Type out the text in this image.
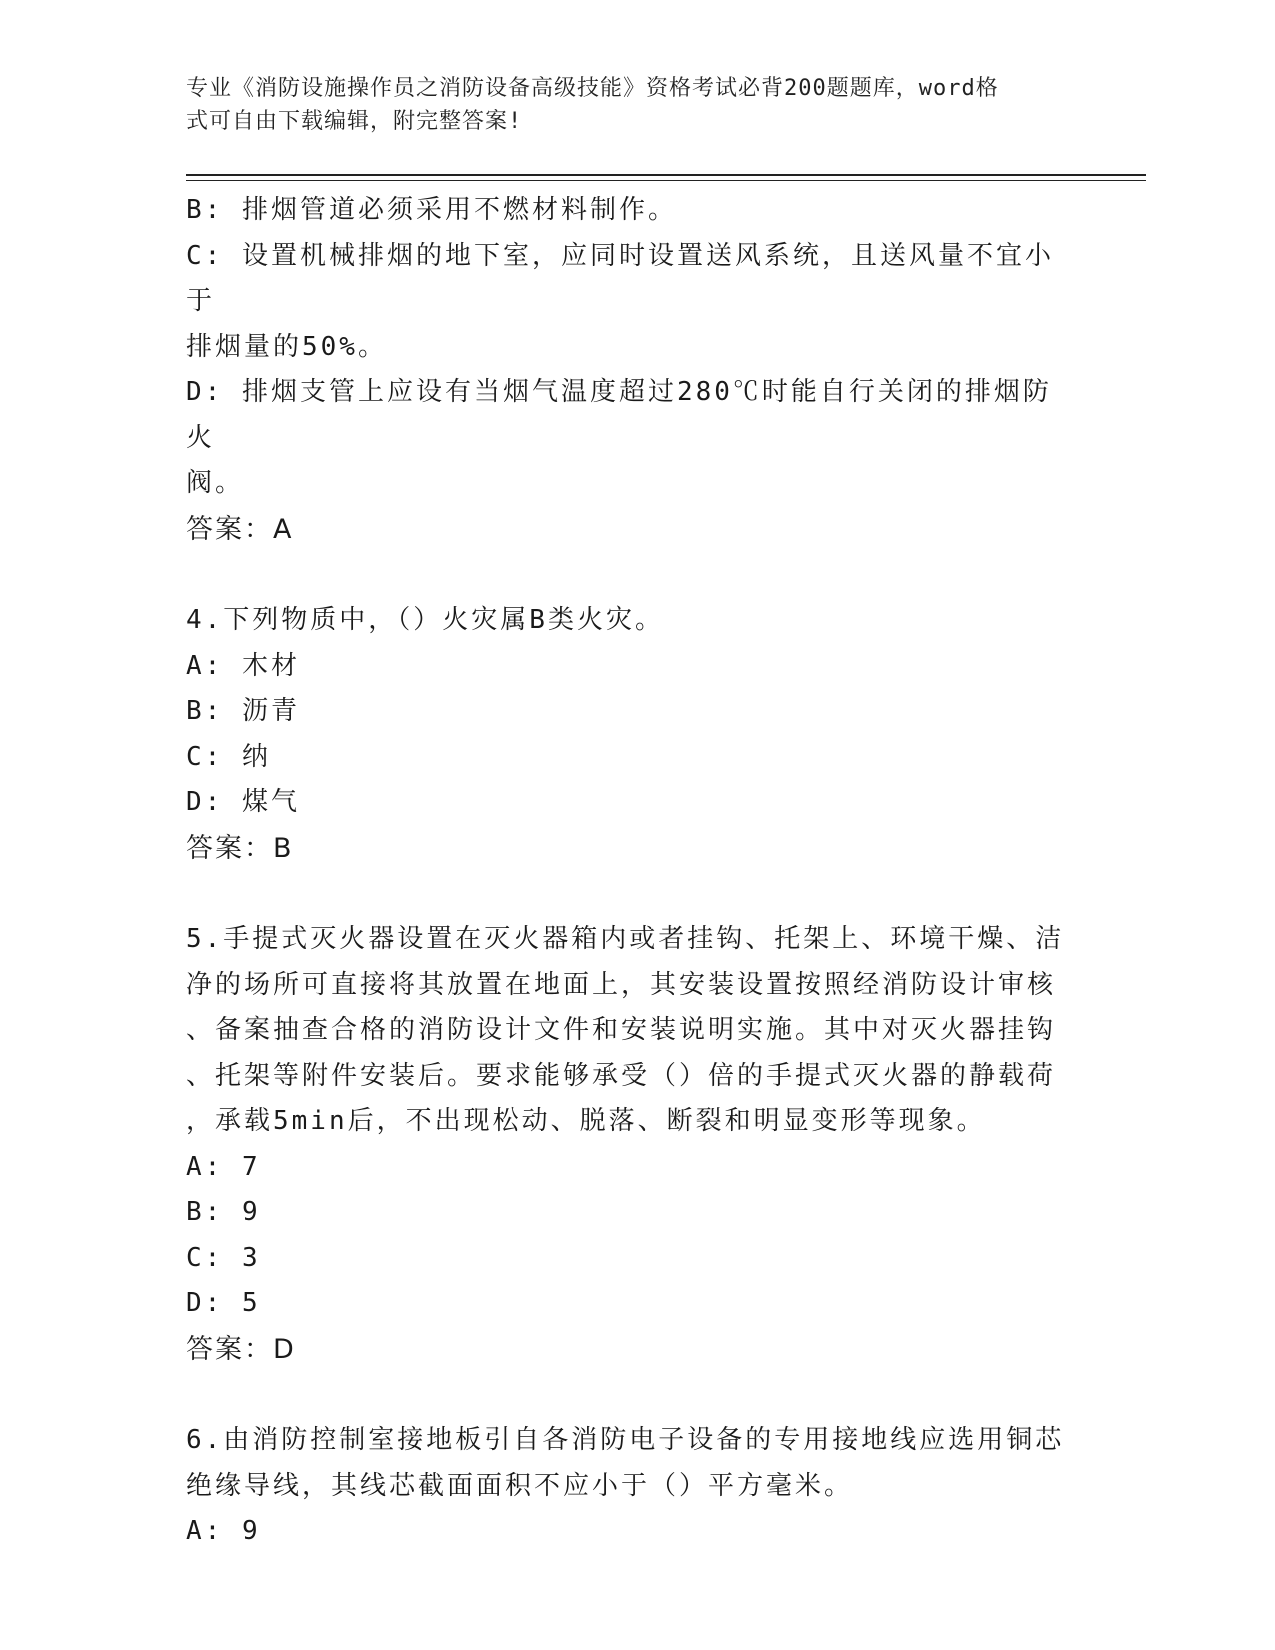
专业《消防设施操作员之消防设备高级技能》资格考试必背200题题库，word格
式可自由下载编辑，附完整答案!
B: 排烟管道必须采用不燃材料制作。
C: 设置机械排烟的地下室，应同时设置送风系统，且送风量不宜小于
排烟量的50%。
D: 排烟支管上应设有当烟气温度超过280℃时能自行关闭的排烟防火
阀。
答案：A
4.下列物质中，（）火灾属B类火灾。
A: 木材
B: 沥青
C: 纳
D: 煤气
答案：B
5.手提式灭火器设置在灭火器箱内或者挂钩、托架上、环境干燥、洁
净的场所可直接将其放置在地面上，其安装设置按照经消防设计审核
、备案抽查合格的消防设计文件和安装说明实施。其中对灭火器挂钩
、托架等附件安装后。要求能够承受（）倍的手提式灭火器的静载荷
，承载5min后，不出现松动、脱落、断裂和明显变形等现象。
A: 7
B: 9
C: 3
D: 5
答案：D
6.由消防控制室接地板引自各消防电子设备的专用接地线应选用铜芯
绝缘导线，其线芯截面面积不应小于（）平方毫米。
A: 9
